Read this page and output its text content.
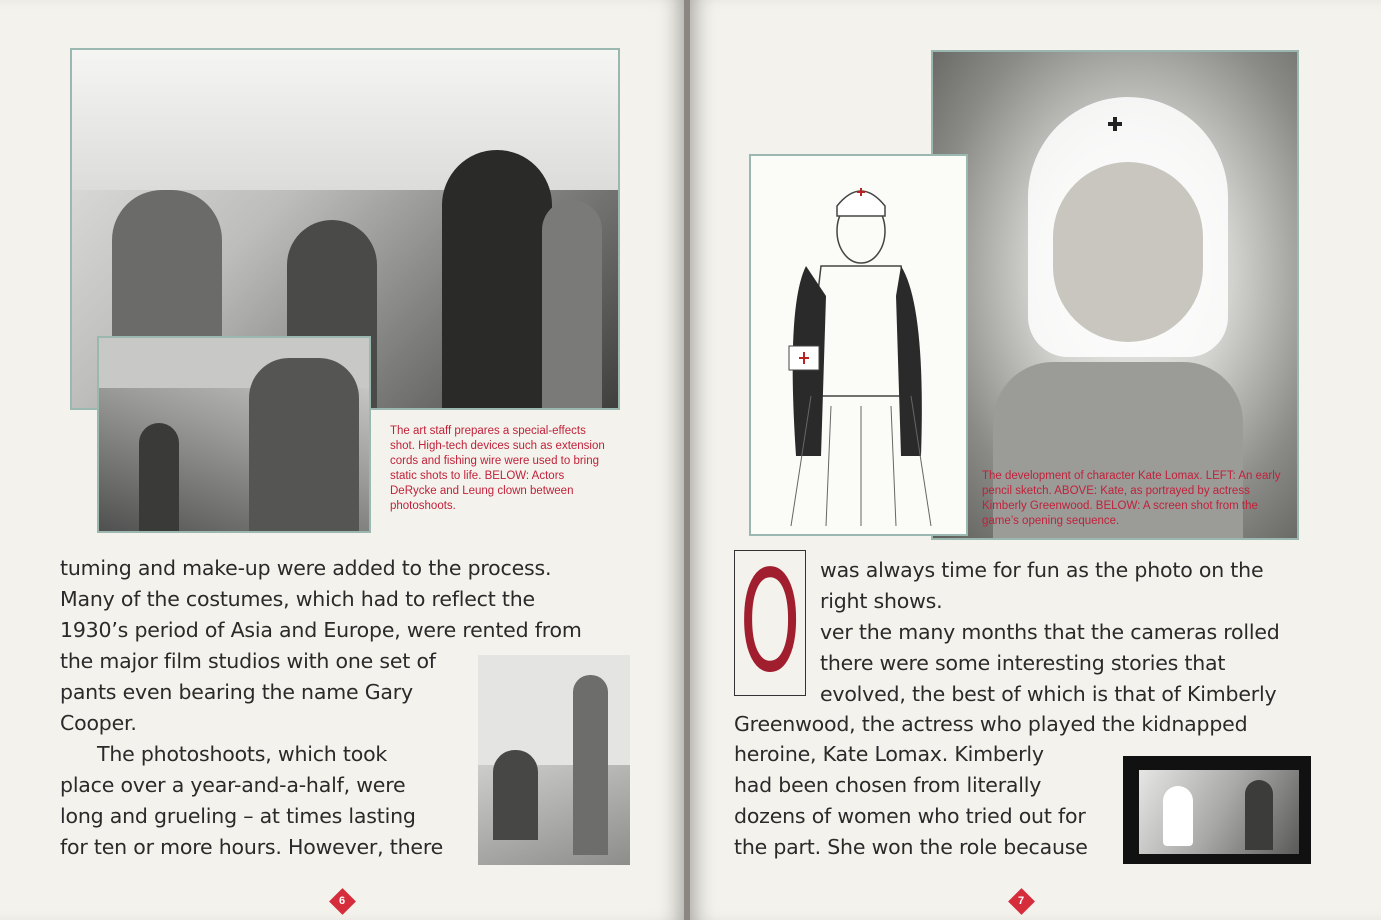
The art staff prepares a special-effects shot. High-tech devices such as extension cords and fishing wire were used to bring static shots to life. BELOW: Actors DeRycke and Leung clown between photoshoots.

tuming and make-up were added to the process.

Many of the costumes, which had to reflect the

1930’s period of Asia and Europe, were rented from

the major film studios with one set of

pants even bearing the name Gary

Cooper.

The photoshoots, which took

place over a year-and-a-half, were

long and grueling – at times lasting

for ten or more hours. However, there

6

The development of character Kate Lomax. LEFT: An early pencil sketch. ABOVE: Kate, as portrayed by actress Kimberly Greenwood. BELOW: A screen shot from the game’s opening sequence.

O was always time for fun as the photo on the

right shows.

ver the many months that the cameras rolled

there were some interesting stories that

evolved, the best of which is that of Kimberly

Greenwood, the actress who played the kidnapped

heroine, Kate Lomax. Kimberly

had been chosen from literally

dozens of women who tried out for

the part. She won the role because

7
